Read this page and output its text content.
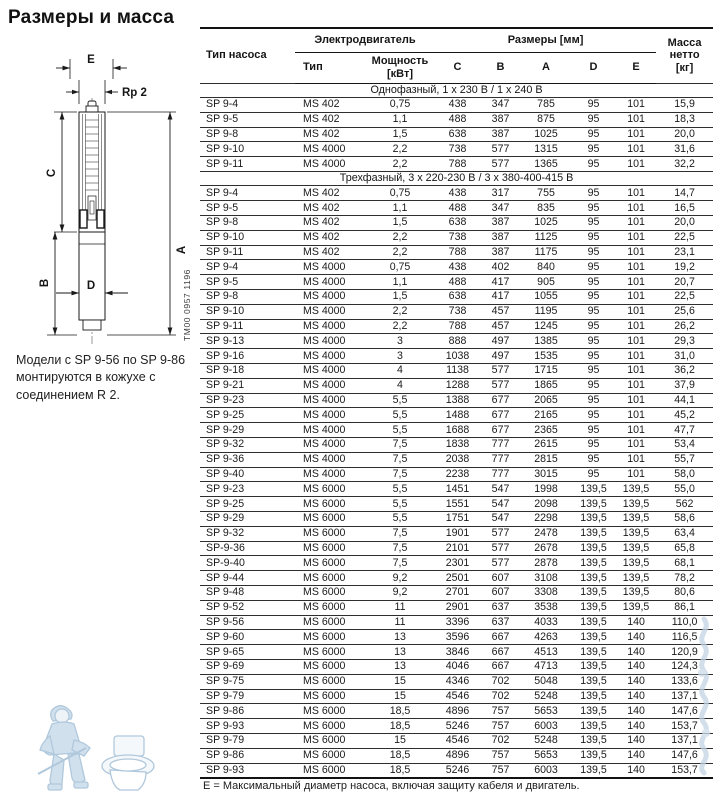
Размеры и масса
E
Rp 2
C
B
A
D	TM00 0957 1196
Модели с SP 9-56 по SP 9-86
монтируются в кожухе с
соединением R 2.
Тип насоса	Электродвигатель		Размеры [мм]					Масса
нетто
[кг]

	Тип	Мощность
[кВт]	C	B	A	D	E	
Однофазный, 1 x 230 В / 1 x 240 В								
SP 9-4	MS 402	0,75	438	347	785	95	101	15,9
SP 9-5	MS 402	1,1	488	387	875	95	101	18,3
SP 9-8	MS 402	1,5	638	387	1025	95	101	20,0
SP 9-10	MS 4000	2,2	738	577	1315	95	101	31,6
SP 9-11	MS 4000	2,2	788	577	1365	95	101	32,2
Трехфазный, 3 x 220-230 В / 3 x 380-400-415 В								
SP 9-4	MS 402	0,75	438	317	755	95	101	14,7
SP 9-5	MS 402	1,1	488	347	835	95	101	16,5
SP 9-8	MS 402	1,5	638	387	1025	95	101	20,0
SP 9-10	MS 402	2,2	738	387	1125	95	101	22,5
SP 9-11	MS 402	2,2	788	387	1175	95	101	23,1
SP 9-4	MS 4000	0,75	438	402	840	95	101	19,2
SP 9-5	MS 4000	1,1	488	417	905	95	101	20,7
SP 9-8	MS 4000	1,5	638	417	1055	95	101	22,5
SP 9-10	MS 4000	2,2	738	457	1195	95	101	25,6
SP 9-11	MS 4000	2,2	788	457	1245	95	101	26,2
SP 9-13	MS 4000	3	888	497	1385	95	101	29,3
SP 9-16	MS 4000	3	1038	497	1535	95	101	31,0
SP 9-18	MS 4000	4	1138	577	1715	95	101	36,2
SP 9-21	MS 4000	4	1288	577	1865	95	101	37,9
SP 9-23	MS 4000	5,5	1388	677	2065	95	101	44,1
SP 9-25	MS 4000	5,5	1488	677	2165	95	101	45,2
SP 9-29	MS 4000	5,5	1688	677	2365	95	101	47,7
SP 9-32	MS 4000	7,5	1838	777	2615	95	101	53,4
SP 9-36	MS 4000	7,5	2038	777	2815	95	101	55,7
SP 9-40	MS 4000	7,5	2238	777	3015	95	101	58,0
SP 9-23	MS 6000	5,5	1451	547	1998	139,5	139,5	55,0
SP 9-25	MS 6000	5,5	1551	547	2098	139,5	139,5	562
SP 9-29	MS 6000	5,5	1751	547	2298	139,5	139,5	58,6
SP 9-32	MS 6000	7,5	1901	577	2478	139,5	139,5	63,4
SP-9-36	MS 6000	7,5	2101	577	2678	139,5	139,5	65,8
SP-9-40	MS 6000	7,5	2301	577	2878	139,5	139,5	68,1
SP 9-44	MS 6000	9,2	2501	607	3108	139,5	139,5	78,2
SP 9-48	MS 6000	9,2	2701	607	3308	139,5	139,5	80,6
SP 9-52	MS 6000	11	2901	637	3538	139,5	139,5	86,1
SP 9-56	MS 6000	11	3396	637	4033	139,5	140	110,0
SP 9-60	MS 6000	13	3596	667	4263	139,5	140	116,5
SP 9-65	MS 6000	13	3846	667	4513	139,5	140	120,9
SP 9-69	MS 6000	13	4046	667	4713	139,5	140	124,3
SP 9-75	MS 6000	15	4346	702	5048	139,5	140	133,6
SP 9-79	MS 6000	15	4546	702	5248	139,5	140	137,1
SP 9-86	MS 6000	18,5	4896	757	5653	139,5	140	147,6
SP 9-93	MS 6000	18,5	5246	757	6003	139,5	140	153,7
SP 9-79	MS 6000	15	4546	702	5248	139,5	140	137,1
SP 9-86	MS 6000	18,5	4896	757	5653	139,5	140	147,6
SP 9-93	MS 6000	18,5	5246	757	6003	139,5	140	153,7
E = Максимальный диаметр насоса, включая защиту кабеля и двигатель.
